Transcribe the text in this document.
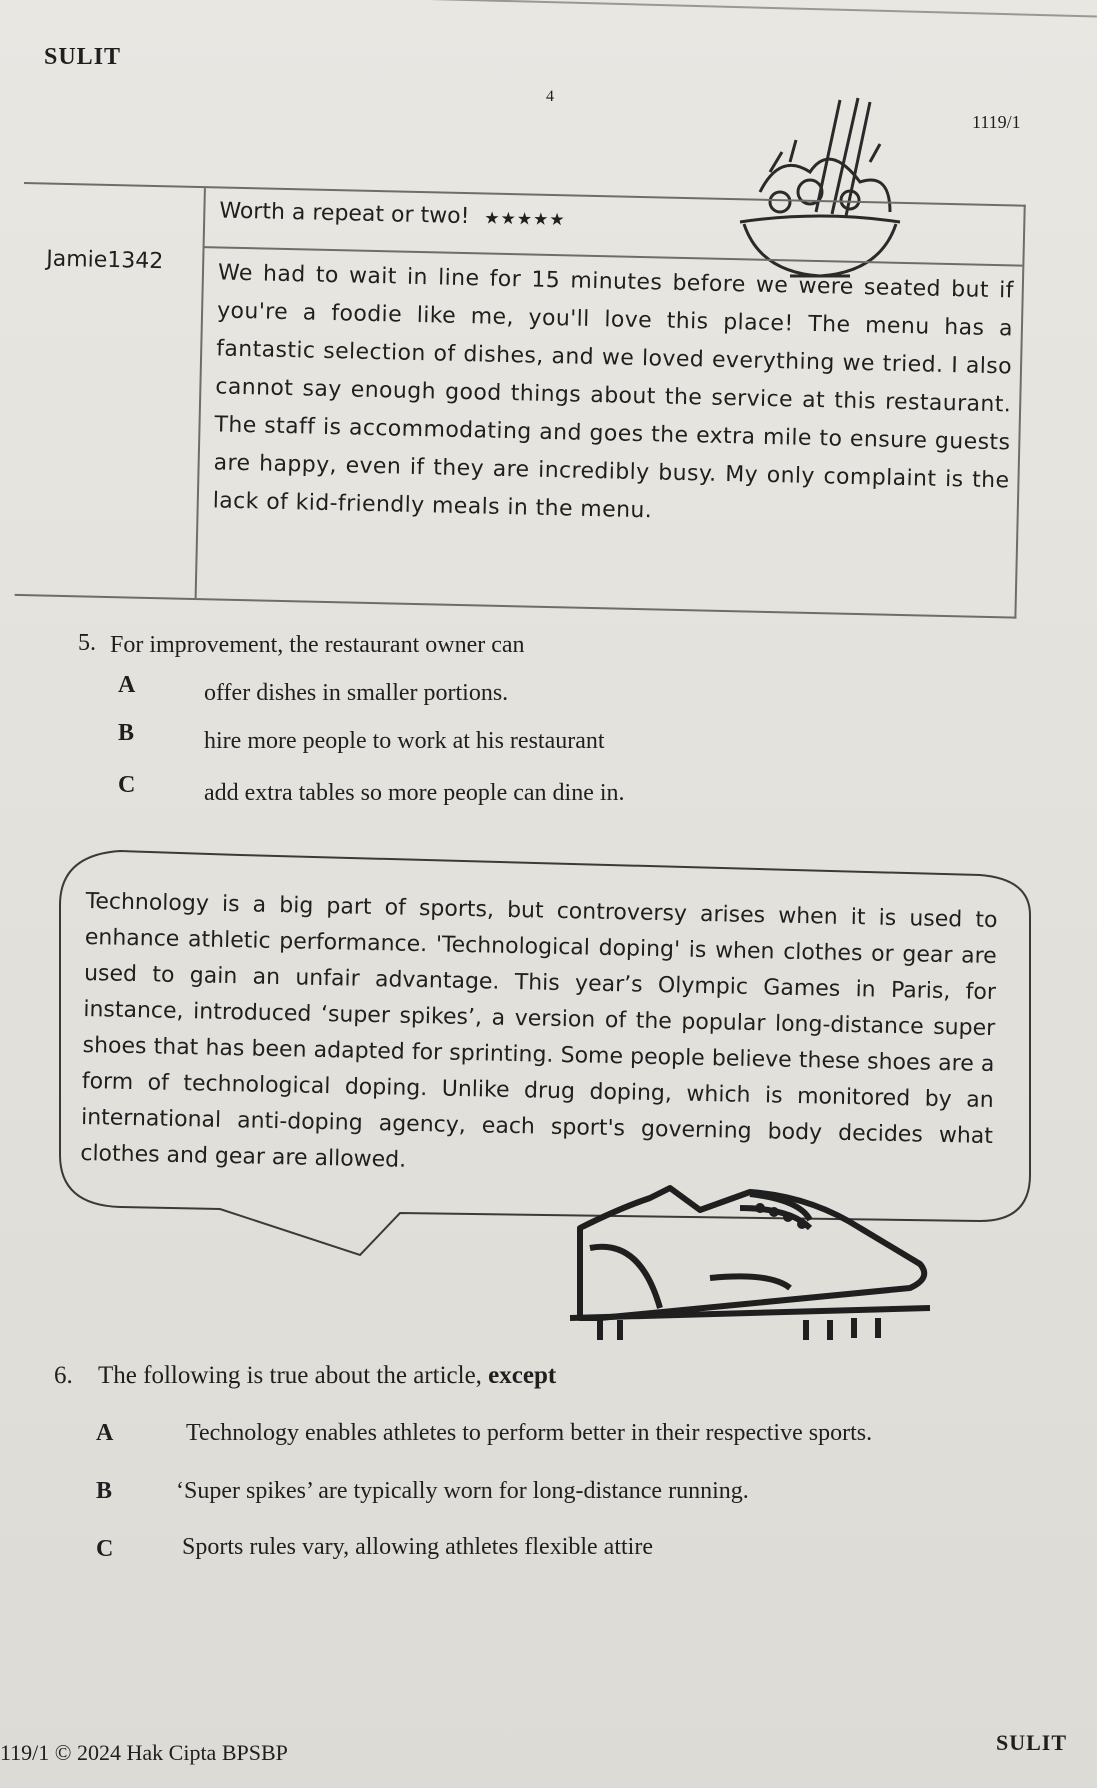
SULIT
4
1119/1
Jamie1342
Worth a repeat or two! ★★★★★
We had to wait in line for 15 minutes before we were seated but if you're a foodie like me, you'll love this place! The menu has a fantastic selection of dishes, and we loved everything we tried. I also cannot say enough good things about the service at this restaurant. The staff is accommodating and goes the extra mile to ensure guests are happy, even if they are incredibly busy. My only complaint is the lack of kid-friendly meals in the menu.
5. For improvement, the restaurant owner can
A	offer dishes in smaller portions.
B	hire more people to work at his restaurant
C	add extra tables so more people can dine in.
Technology is a big part of sports, but controversy arises when it is used to enhance athletic performance. 'Technological doping' is when clothes or gear are used to gain an unfair advantage. This year’s Olympic Games in Paris, for instance, introduced ‘super spikes’, a version of the popular long-distance super shoes that has been adapted for sprinting. Some people believe these shoes are a form of technological doping. Unlike drug doping, which is monitored by an international anti-doping agency, each sport's governing body decides what clothes and gear are allowed.
6. The following is true about the article, except
A	Technology enables athletes to perform better in their respective sports.
B	‘Super spikes’ are typically worn for long-distance running.
C	Sports rules vary, allowing athletes flexible attire
119/1 © 2024 Hak Cipta BPSBP	SULIT
